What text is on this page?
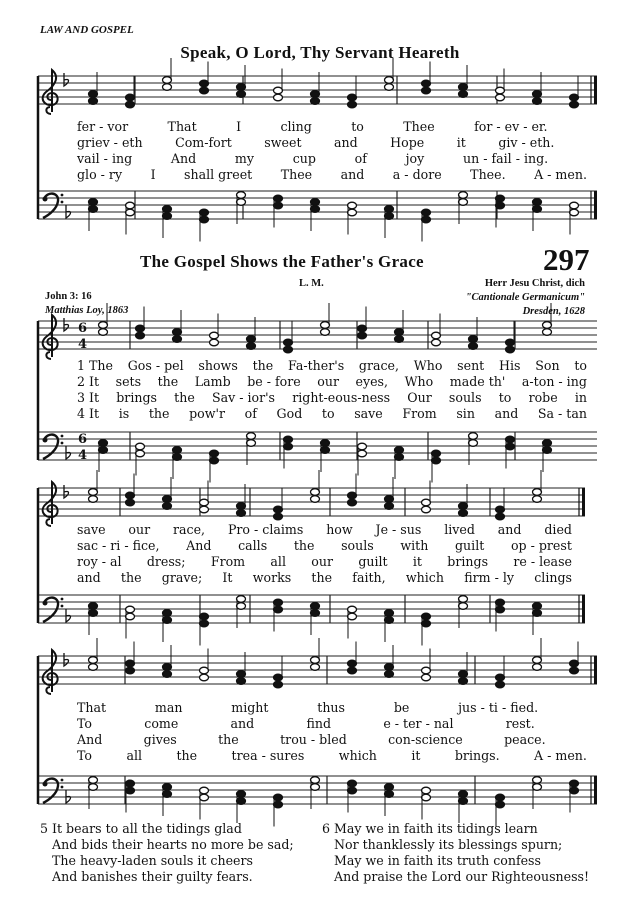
6
4
6
4
LAW AND GOSPEL
Speak, O Lord, Thy Servant Heareth
fer - vor	That	I	cling	to	Thee	for - ev - er.
griev - eth	Com-fort	sweet	and	Hope	it	giv - eth.
vail - ing	And	my	cup	of	joy	un - fail - ing.
glo - ry I shall greet Thee and a - dore Thee. A - men.
The Gospel Shows the Father's Grace	297
L. M.
John 3: 16
Matthias Loy, 1863
Herr Jesu Christ, dich
"Cantionale Germanicum"
Dresden, 1628
1 The Gos - pel shows the Fa-ther's grace, Who sent His Son to
2 It sets the Lamb be - fore our eyes, Who made th' a-ton - ing
3 It brings the Sav - ior's right-eous-ness Our souls to robe in
4 It is the pow'r of God to save From sin and Sa - tan
save our race, Pro - claims how Je - sus lived and died
sac - ri - fice, And calls the souls with guilt op - prest
roy - al dress; From all our guilt it brings re - lease
and the grave; It works the faith, which firm - ly clings
That	man	might	thus	be	jus - ti - fied.
To	come	and	find	e - ter - nal	rest.
And	gives	the	trou - bled	con-science	peace.
To	all	the	trea - sures	which	it	brings.	A - men.
5 It bears to all the tidings glad
And bids their hearts no more be sad;
The heavy-laden souls it cheers
And banishes their guilty fears.
6 May we in faith its tidings learn
Nor thanklessly its blessings spurn;
May we in faith its truth confess
And praise the Lord our Righteousness!
